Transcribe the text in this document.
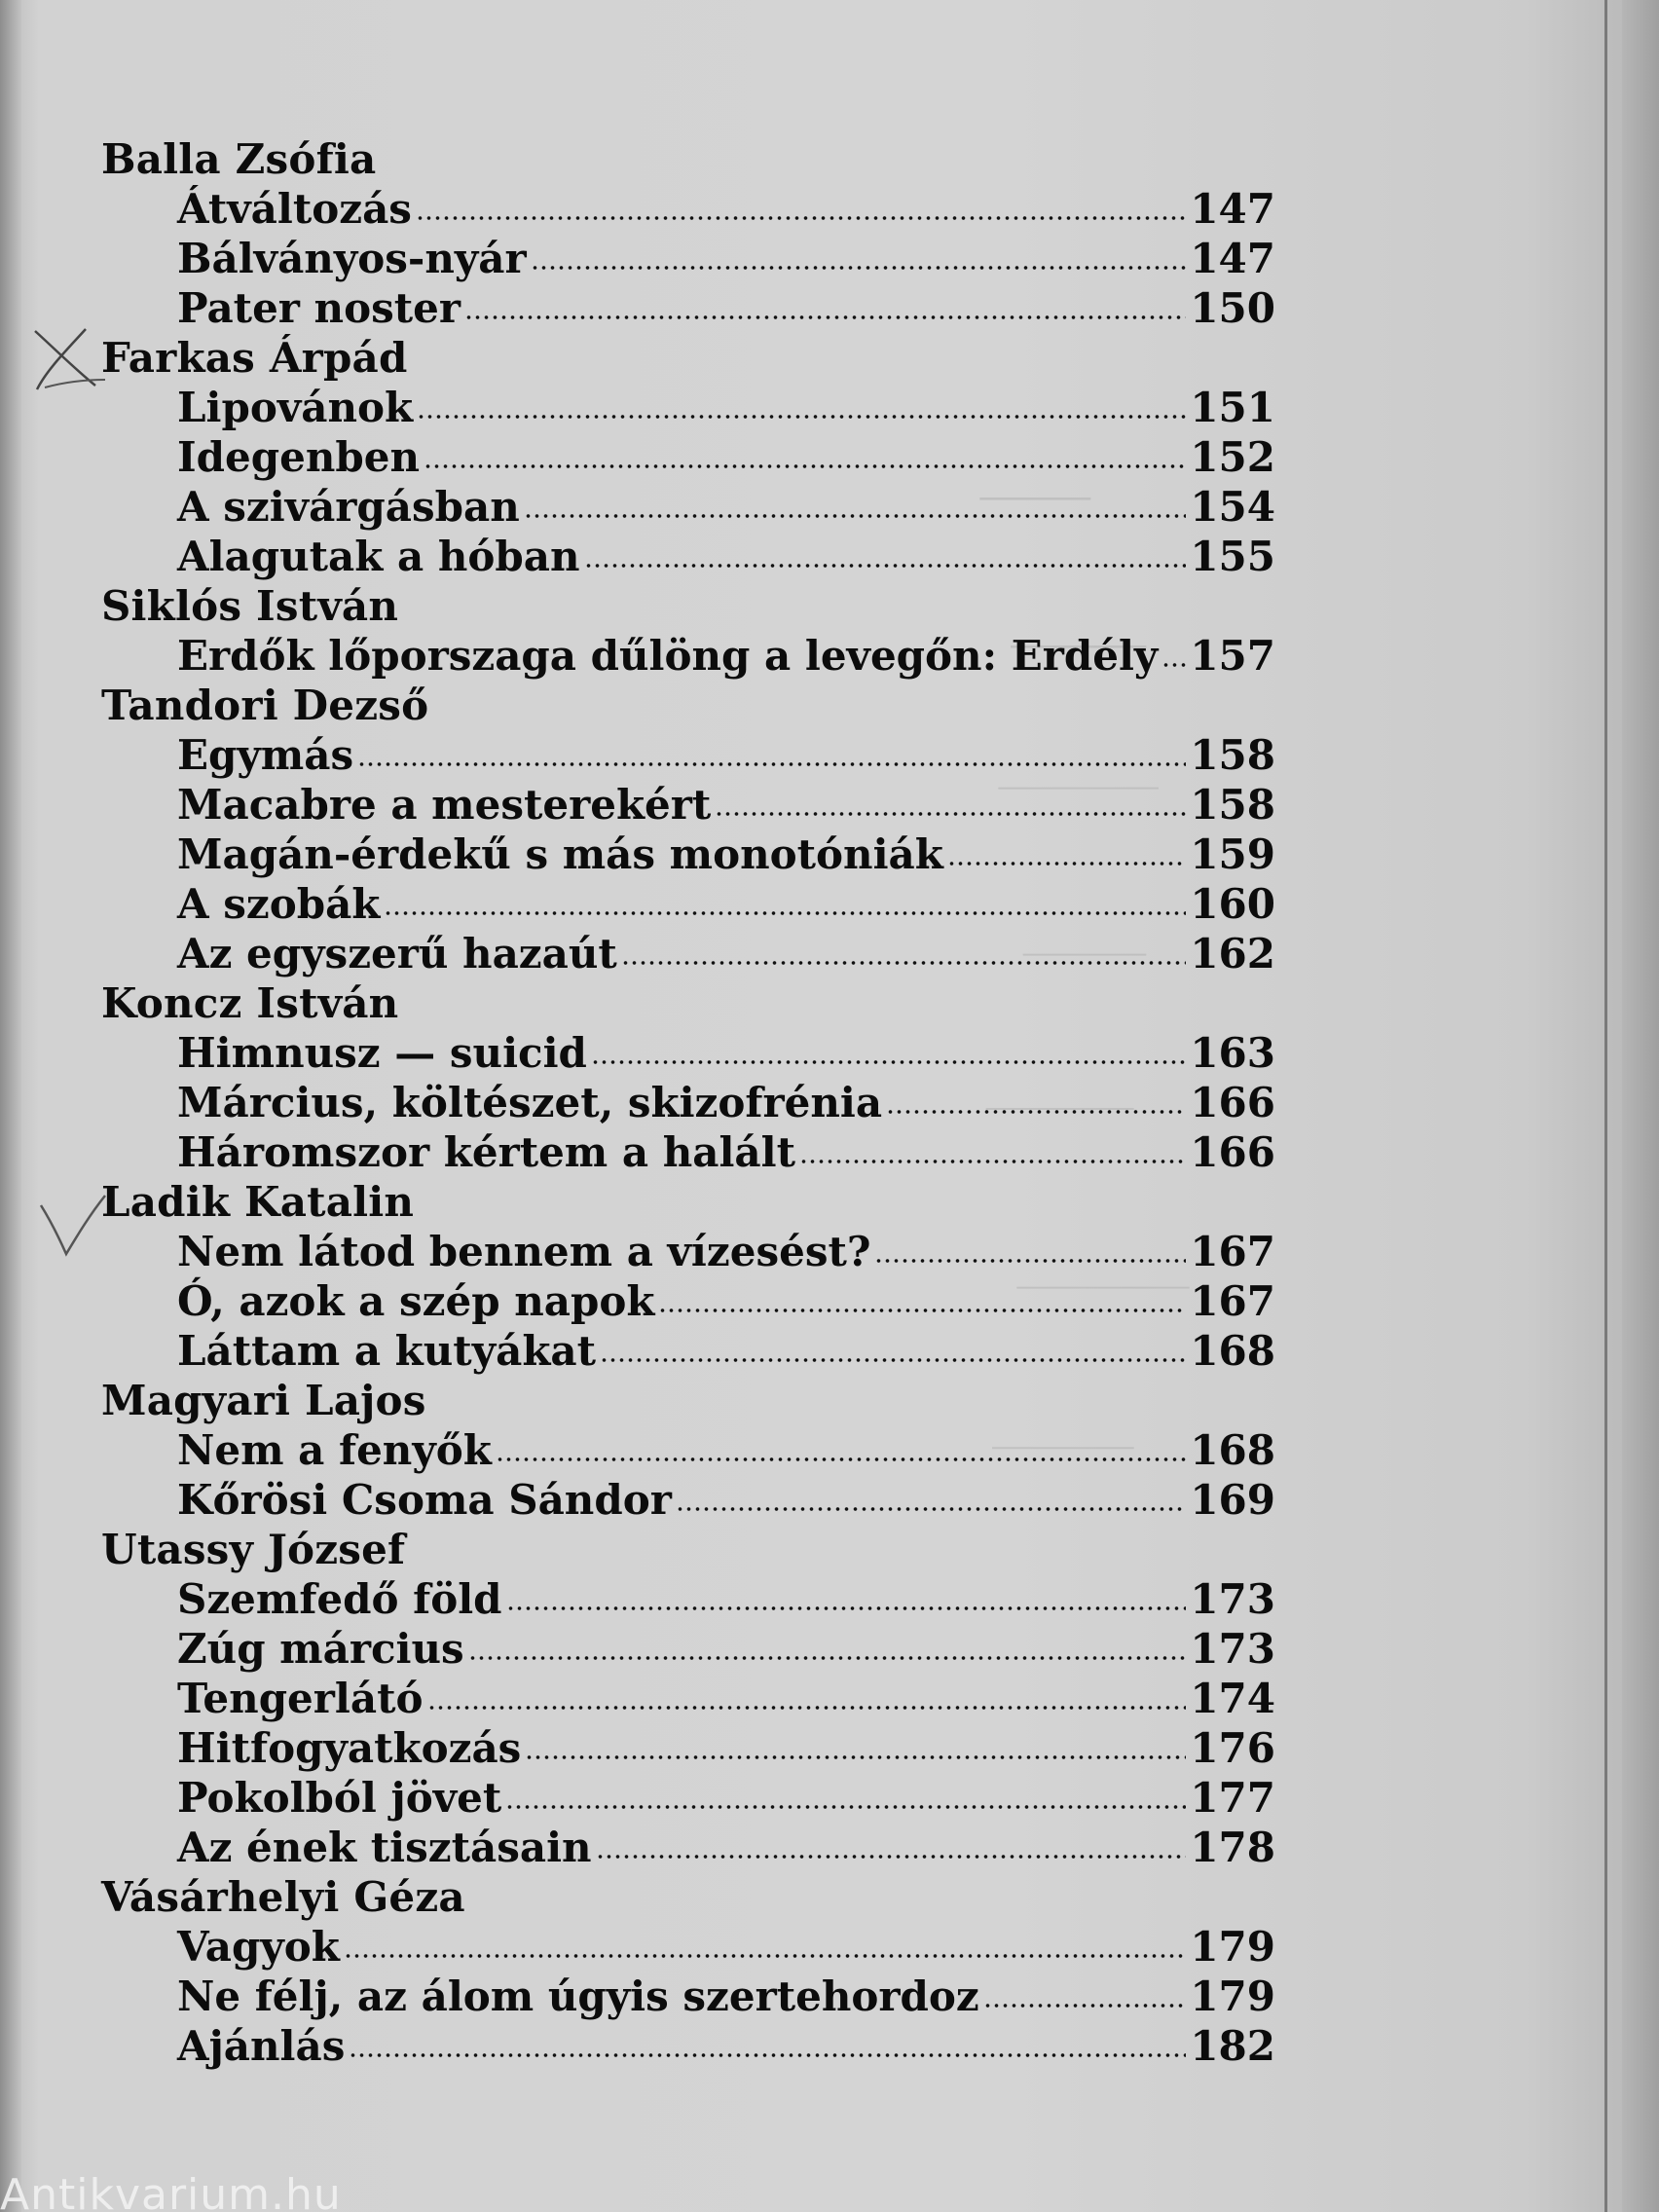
Balla Zsófia
Átváltozás	147
Bálványos-nyár	147
Pater noster	150
Farkas Árpád
Lipovánok	151
Idegenben	152
A szivárgásban	154
Alagutak a hóban	155
Siklós István
Erdők lőporszaga dűlöng a levegőn: Erdély 157
Tandori Dezső
Egymás	158
Macabre a mesterekért	158
Magán-érdekű s más monotóniák	159
A szobák	160
Az egyszerű hazaút	162
Koncz István
Himnusz — suicid	163
Március, költészet, skizofrénia	166
Háromszor kértem a halált	166
Ladik Katalin
Nem látod bennem a vízesést?	167
Ó, azok a szép napok	167
Láttam a kutyákat	168
Magyari Lajos
Nem a fenyők	168
Kőrösi Csoma Sándor	169
Utassy József
Szemfedő föld	173
Zúg március	173
Tengerlátó	174
Hitfogyatkozás	176
Pokolból jövet	177
Az ének tisztásain	178
Vásárhelyi Géza
Vagyok	179
Ne félj, az álom úgyis szertehordoz	179
Ajánlás	182
Antikvarium.hu
